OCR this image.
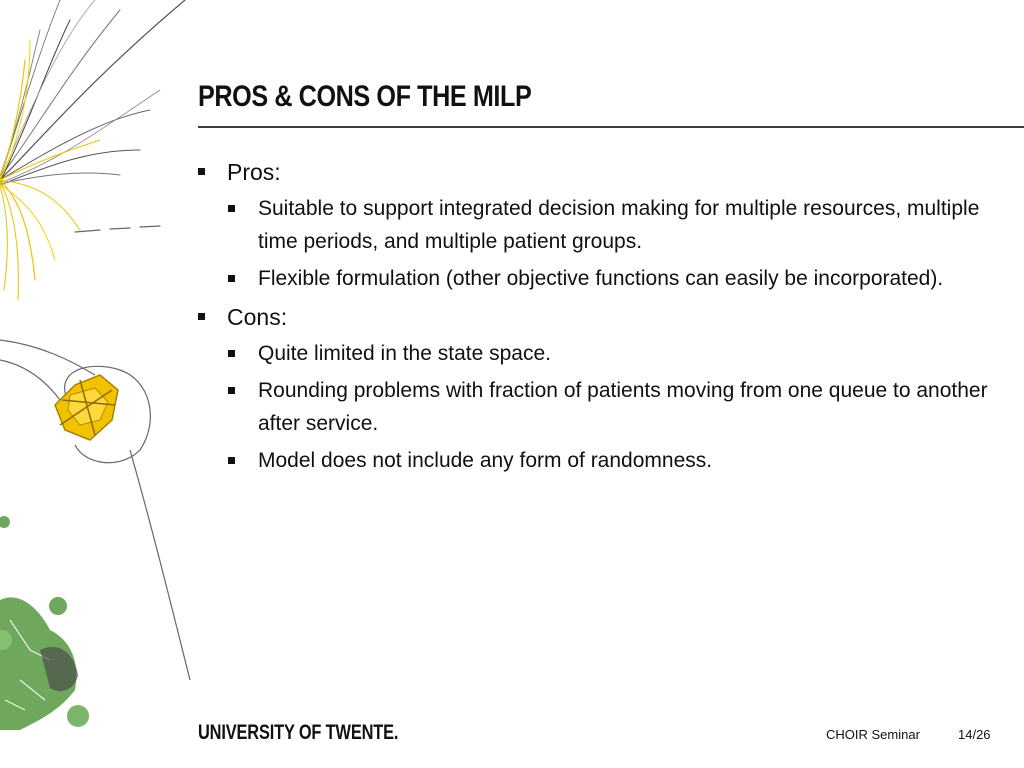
PROS & CONS OF THE MILP
Pros:
Suitable to support integrated decision making for multiple resources, multiple time periods, and multiple patient groups.
Flexible formulation (other objective functions can easily be incorporated).
Cons:
Quite limited in the state space.
Rounding problems with fraction of patients moving from one queue to another after service.
Model does not include any form of randomness.
UNIVERSITY OF TWENTE.	CHOIR Seminar	14/26
